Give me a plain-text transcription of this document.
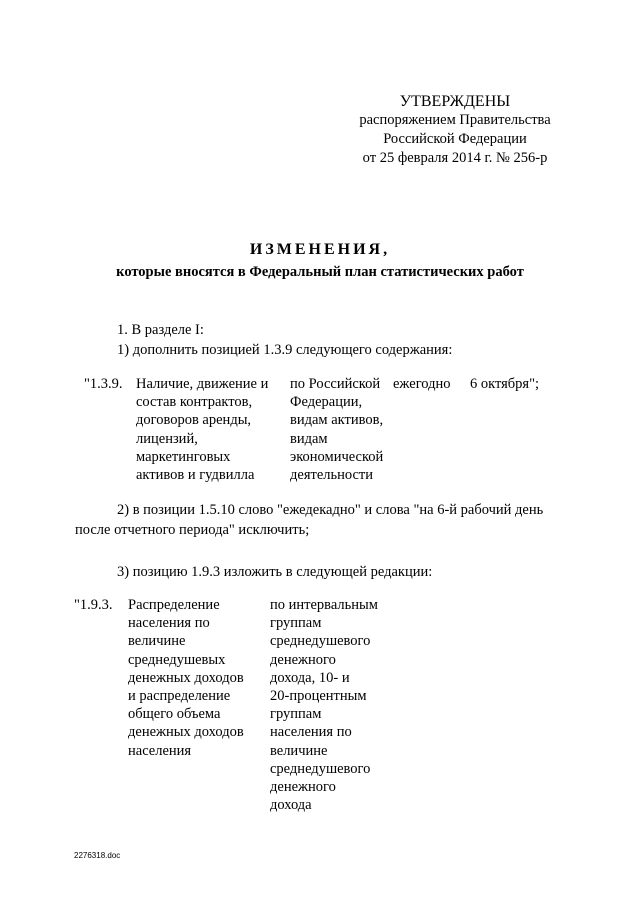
УТВЕРЖДЕНЫ
распоряжением Правительства
Российской Федерации
от 25 февраля 2014 г. № 256-р
ИЗМЕНЕНИЯ,
которые вносятся в Федеральный план статистических работ
1. В разделе I:
1) дополнить позицией 1.3.9 следующего содержания:
"1.3.9. Наличие, движение и
состав контрактов,
договоров аренды,
лицензий,
маркетинговых
активов и гудвилла
по Российской
Федерации,
видам активов,
видам
экономической
деятельности
ежегодно 6 октября";
2) в позиции 1.5.10 слово "ежедекадно" и слова "на 6-й рабочий день
после отчетного периода" исключить;
3) позицию 1.9.3 изложить в следующей редакции:
"1.9.3. Распределение
населения по
величине
среднедушевых
денежных доходов
и распределение
общего объема
денежных доходов
населения
по интервальным
группам
среднедушевого
денежного
дохода, 10- и
20-процентным
группам
населения по
величине
среднедушевого
денежного
дохода
2276318.doc
